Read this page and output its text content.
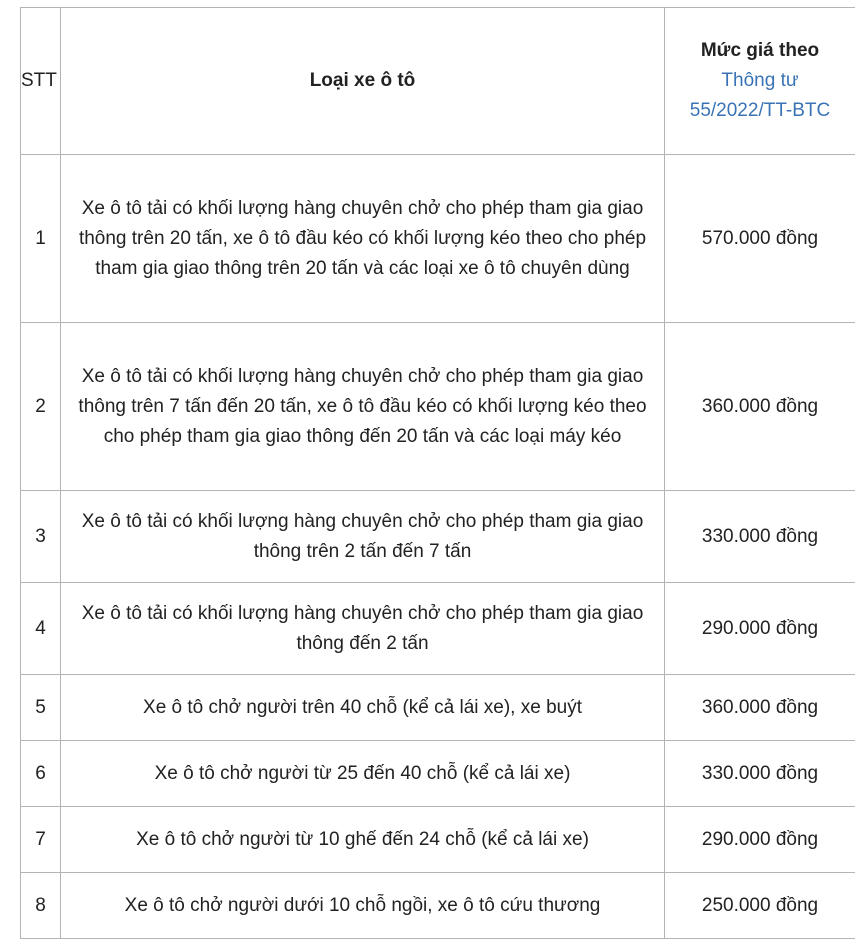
STT	Loại xe ô tô	Mức giá theo
Thông tư
55/2022/TT-BTC

1	Xe ô tô tải có khối lượng hàng chuyên chở cho phép tham gia giao thông trên 20 tấn, xe ô tô đầu kéo có khối lượng kéo theo cho phép tham gia giao thông trên 20 tấn và các loại xe ô tô chuyên dùng	570.000 đồng
2	Xe ô tô tải có khối lượng hàng chuyên chở cho phép tham gia giao thông trên 7 tấn đến 20 tấn, xe ô tô đầu kéo có khối lượng kéo theo cho phép tham gia giao thông đến 20 tấn và các loại máy kéo	360.000 đồng
3	Xe ô tô tải có khối lượng hàng chuyên chở cho phép tham gia giao thông trên 2 tấn đến 7 tấn	330.000 đồng
4	Xe ô tô tải có khối lượng hàng chuyên chở cho phép tham gia giao thông đến 2 tấn	290.000 đồng
5	Xe ô tô chở người trên 40 chỗ (kể cả lái xe), xe buýt	360.000 đồng
6	Xe ô tô chở người từ 25 đến 40 chỗ (kể cả lái xe)	330.000 đồng
7	Xe ô tô chở người từ 10 ghế đến 24 chỗ (kể cả lái xe)	290.000 đồng
8	Xe ô tô chở người dưới 10 chỗ ngồi, xe ô tô cứu thương	250.000 đồng
